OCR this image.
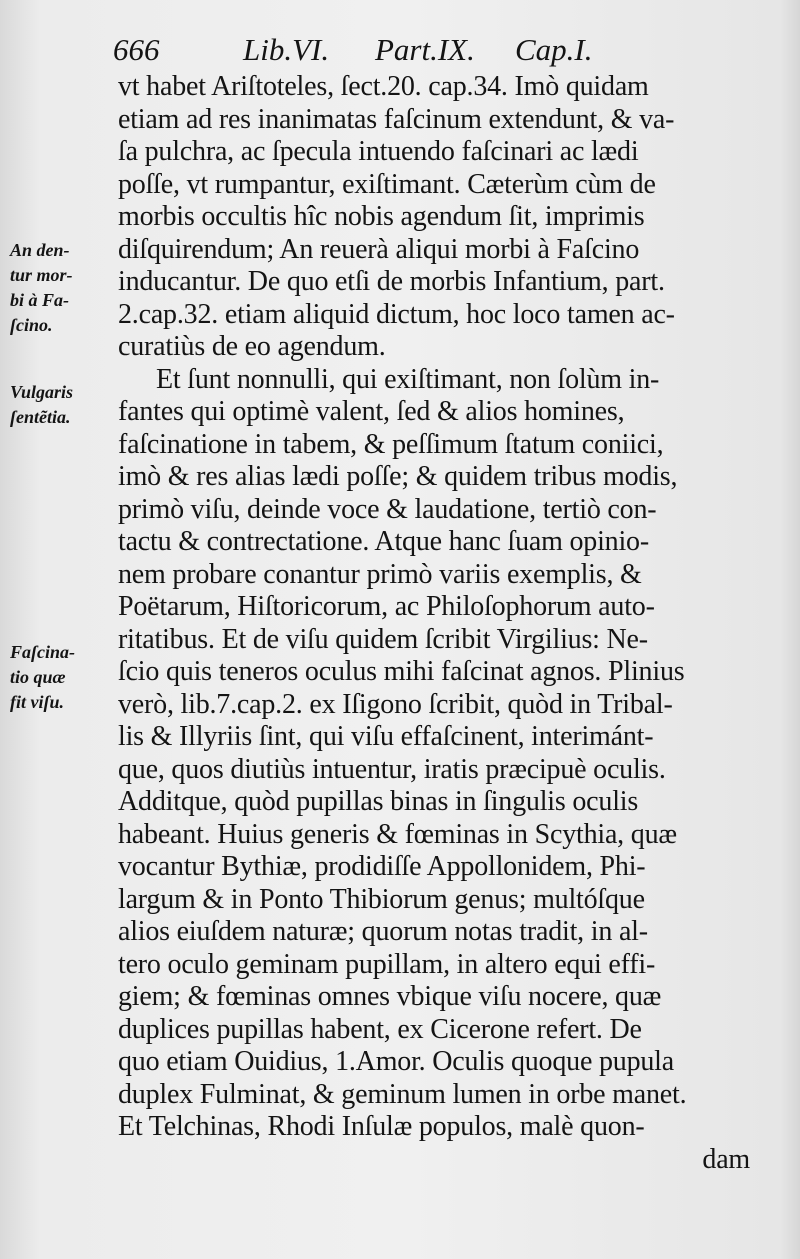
666	Lib.VI. Part.IX. Cap.I.
An den-
tur mor-
bi à Fa-
ſcino.
Vulgaris
ſentẽtia.
Faſcina-
tio quæ
fit viſu.
vt habet Ariſtoteles, ſect.20. cap.34. Imò quidam
etiam ad res inanimatas faſcinum extendunt, & va-
ſa pulchra, ac ſpecula intuendo faſcinari ac lædi
poſſe, vt rumpantur, exiſtimant. Cæterùm cùm de
morbis occultis hîc nobis agendum ſit, imprimis
diſquirendum; An reuerà aliqui morbi à Faſcino
inducantur. De quo etſi de morbis Infantium, part.
2.cap.32. etiam aliquid dictum, hoc loco tamen ac-
curatiùs de eo agendum.
Et ſunt nonnulli, qui exiſtimant, non ſolùm in-
fantes qui optimè valent, ſed & alios homines,
faſcinatione in tabem, & peſſimum ſtatum coniici,
imò & res alias lædi poſſe; & quidem tribus modis,
primò viſu, deinde voce & laudatione, tertiò con-
tactu & contrectatione. Atque hanc ſuam opinio-
nem probare conantur primò variis exemplis, &
Poëtarum, Hiſtoricorum, ac Philoſophorum auto-
ritatibus. Et de viſu quidem ſcribit Virgilius: Ne-
ſcio quis teneros oculus mihi faſcinat agnos. Plinius
verò, lib.7.cap.2. ex Iſigono ſcribit, quòd in Tribal-
lis & Illyriis ſint, qui viſu effaſcinent, interimánt-
que, quos diutiùs intuentur, iratis præcipuè oculis.
Additque, quòd pupillas binas in ſingulis oculis
habeant. Huius generis & fœminas in Scythia, quæ
vocantur Bythiæ, prodidiſſe Appollonidem, Phi-
largum & in Ponto Thibiorum genus; multóſque
alios eiuſdem naturæ; quorum notas tradit, in al-
tero oculo geminam pupillam, in altero equi effi-
giem; & fœminas omnes vbique viſu nocere, quæ
duplices pupillas habent, ex Cicerone refert. De
quo etiam Ouidius, 1.Amor. Oculis quoque pupula
duplex Fulminat, & geminum lumen in orbe manet.
Et Telchinas, Rhodi Inſulæ populos, malè quon-
dam
